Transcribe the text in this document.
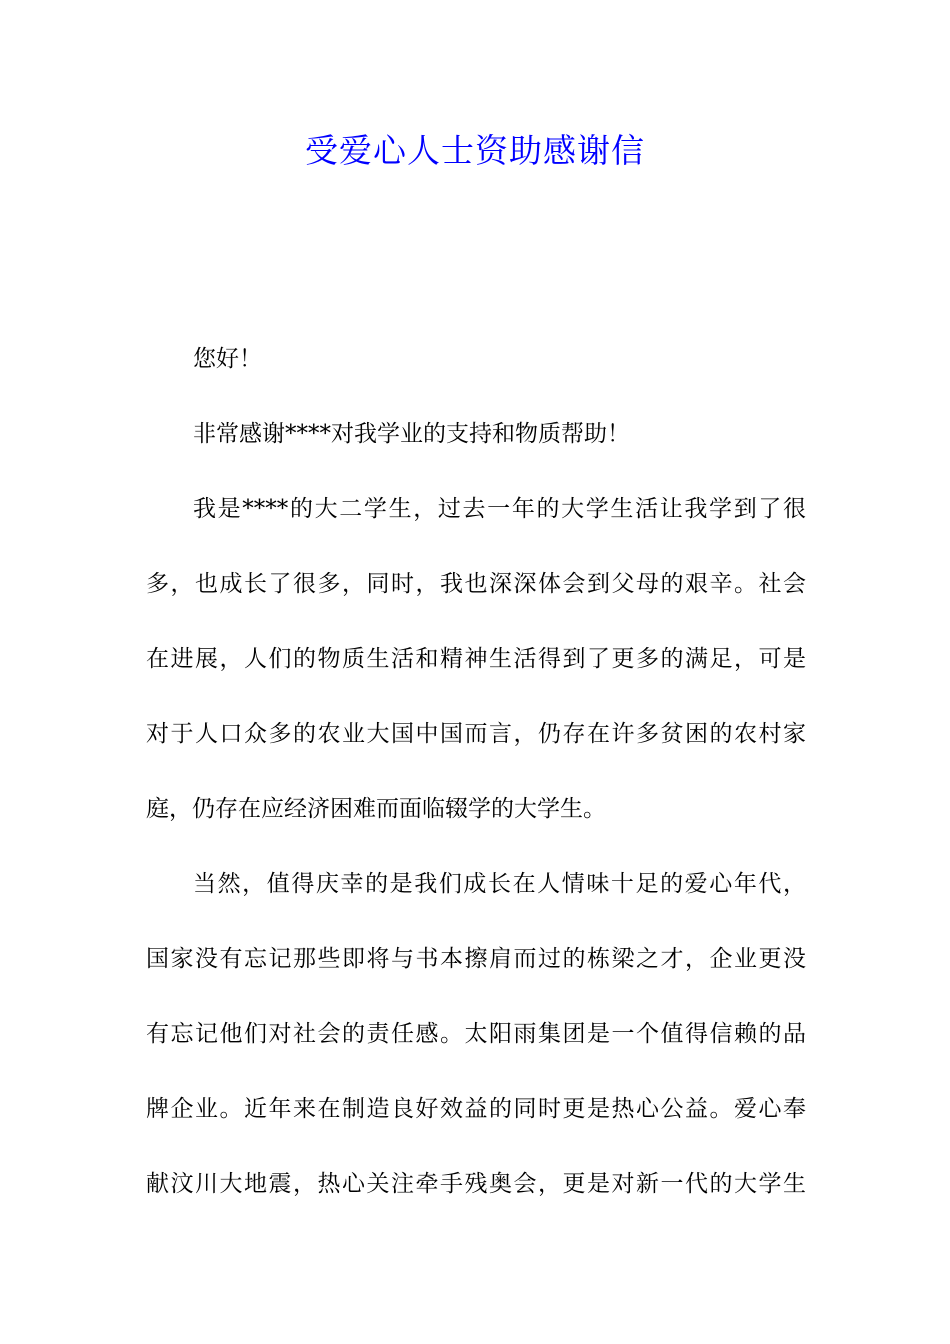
受爱心人士资助感谢信
您好！
非常感谢****对我学业的支持和物质帮助！
我是****的大二学生，过去一年的大学生活让我学到了很
多，也成长了很多，同时，我也深深体会到父母的艰辛。社会
在进展，人们的物质生活和精神生活得到了更多的满足，可是
对于人口众多的农业大国中国而言，仍存在许多贫困的农村家
庭，仍存在应经济困难而面临辍学的大学生。
当然，值得庆幸的是我们成长在人情味十足的爱心年代，
国家没有忘记那些即将与书本擦肩而过的栋梁之才，企业更没
有忘记他们对社会的责任感。太阳雨集团是一个值得信赖的品
牌企业。近年来在制造良好效益的同时更是热心公益。爱心奉
献汶川大地震，热心关注牵手残奥会，更是对新一代的大学生
